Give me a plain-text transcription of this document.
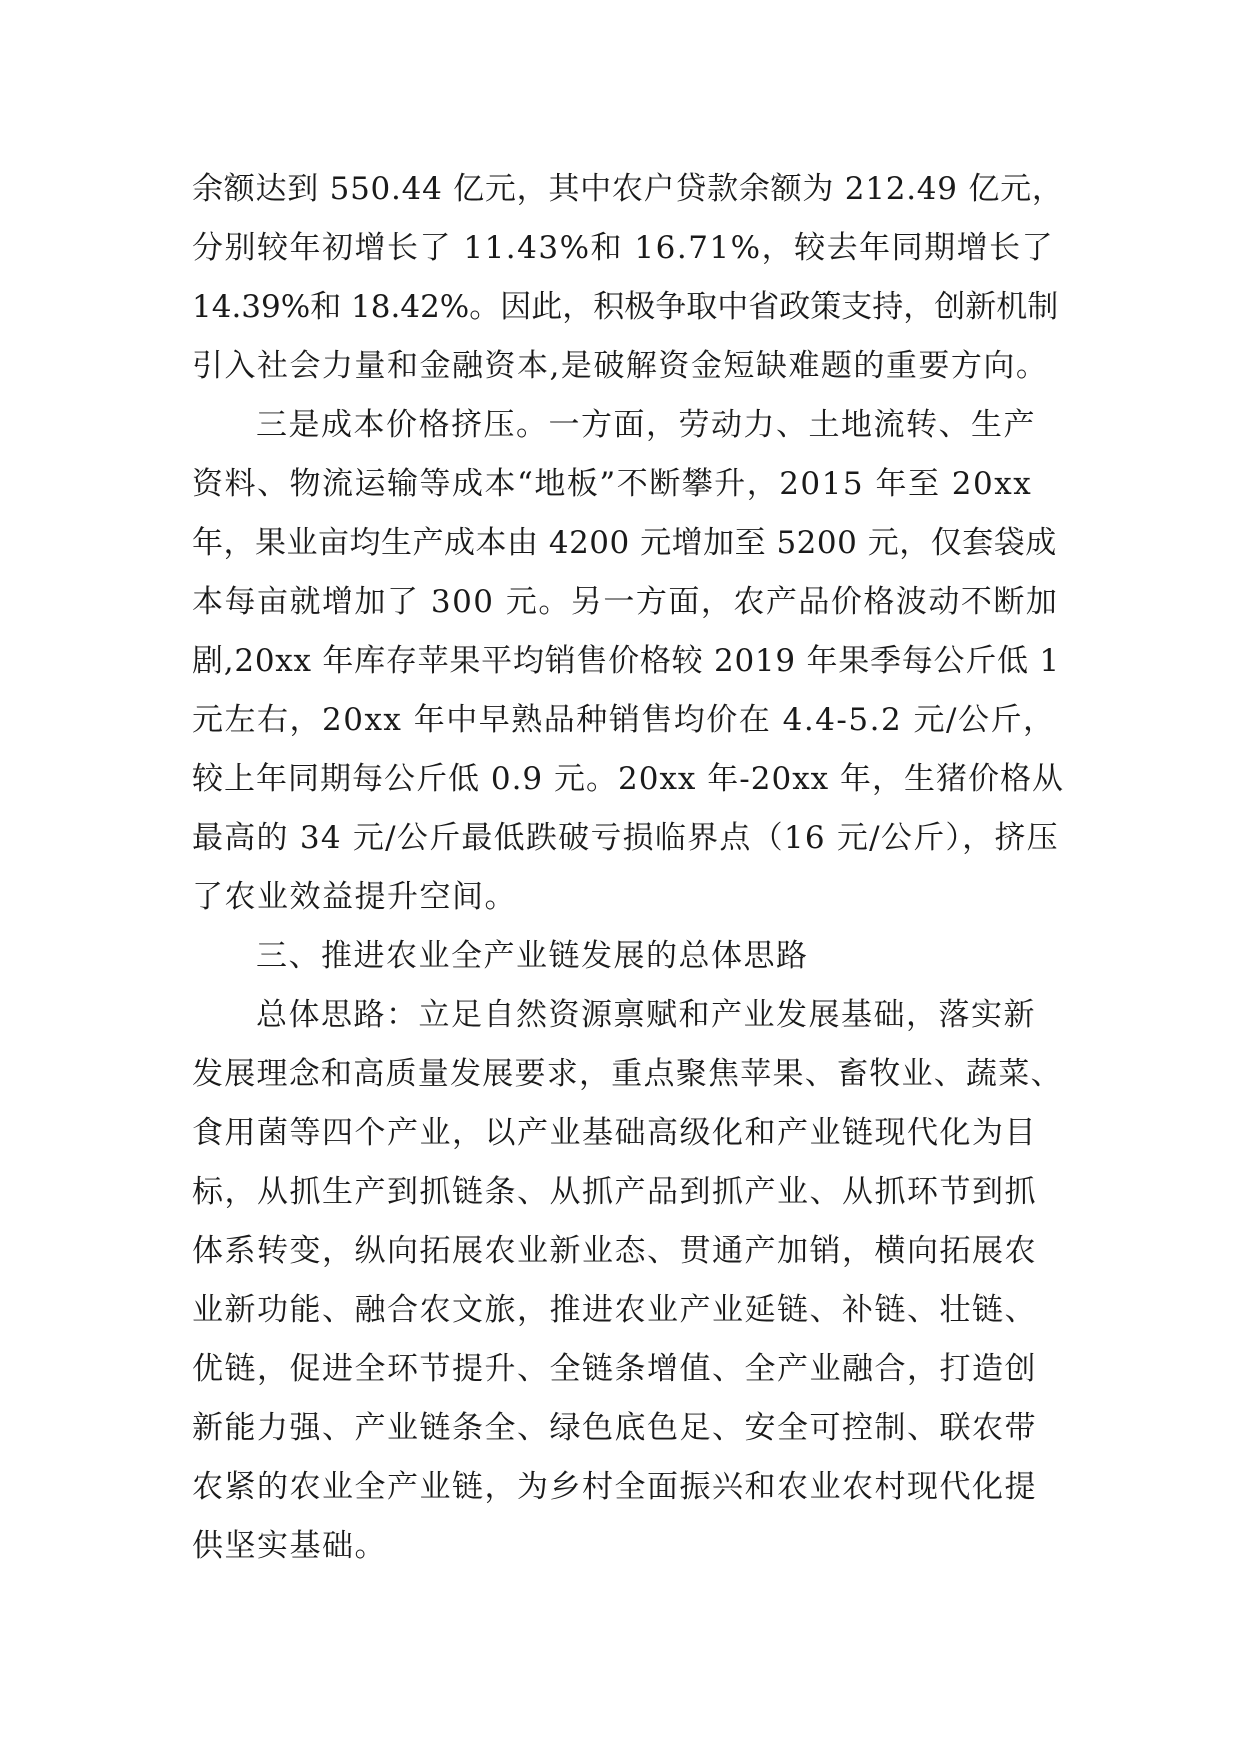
余额达到 550.44 亿元，其中农户贷款余额为 212.49 亿元，
分别较年初增长了 11.43%和 16.71%，较去年同期增长了
14.39%和 18.42%。因此，积极争取中省政策支持，创新机制
引入社会力量和金融资本,是破解资金短缺难题的重要方向。
三是成本价格挤压。一方面，劳动力、土地流转、生产
资料、物流运输等成本“地板”不断攀升，2015 年至 20xx
年，果业亩均生产成本由 4200 元增加至 5200 元，仅套袋成
本每亩就增加了 300 元。另一方面，农产品价格波动不断加
剧,20xx 年库存苹果平均销售价格较 2019 年果季每公斤低 1
元左右，20xx 年中早熟品种销售均价在 4.4-5.2 元/公斤，
较上年同期每公斤低 0.9 元。20xx 年-20xx 年，生猪价格从
最高的 34 元/公斤最低跌破亏损临界点（16 元/公斤），挤压
了农业效益提升空间。
三、推进农业全产业链发展的总体思路
总体思路：立足自然资源禀赋和产业发展基础，落实新
发展理念和高质量发展要求，重点聚焦苹果、畜牧业、蔬菜、
食用菌等四个产业，以产业基础高级化和产业链现代化为目
标，从抓生产到抓链条、从抓产品到抓产业、从抓环节到抓
体系转变，纵向拓展农业新业态、贯通产加销，横向拓展农
业新功能、融合农文旅，推进农业产业延链、补链、壮链、
优链，促进全环节提升、全链条增值、全产业融合，打造创
新能力强、产业链条全、绿色底色足、安全可控制、联农带
农紧的农业全产业链，为乡村全面振兴和农业农村现代化提
供坚实基础。
